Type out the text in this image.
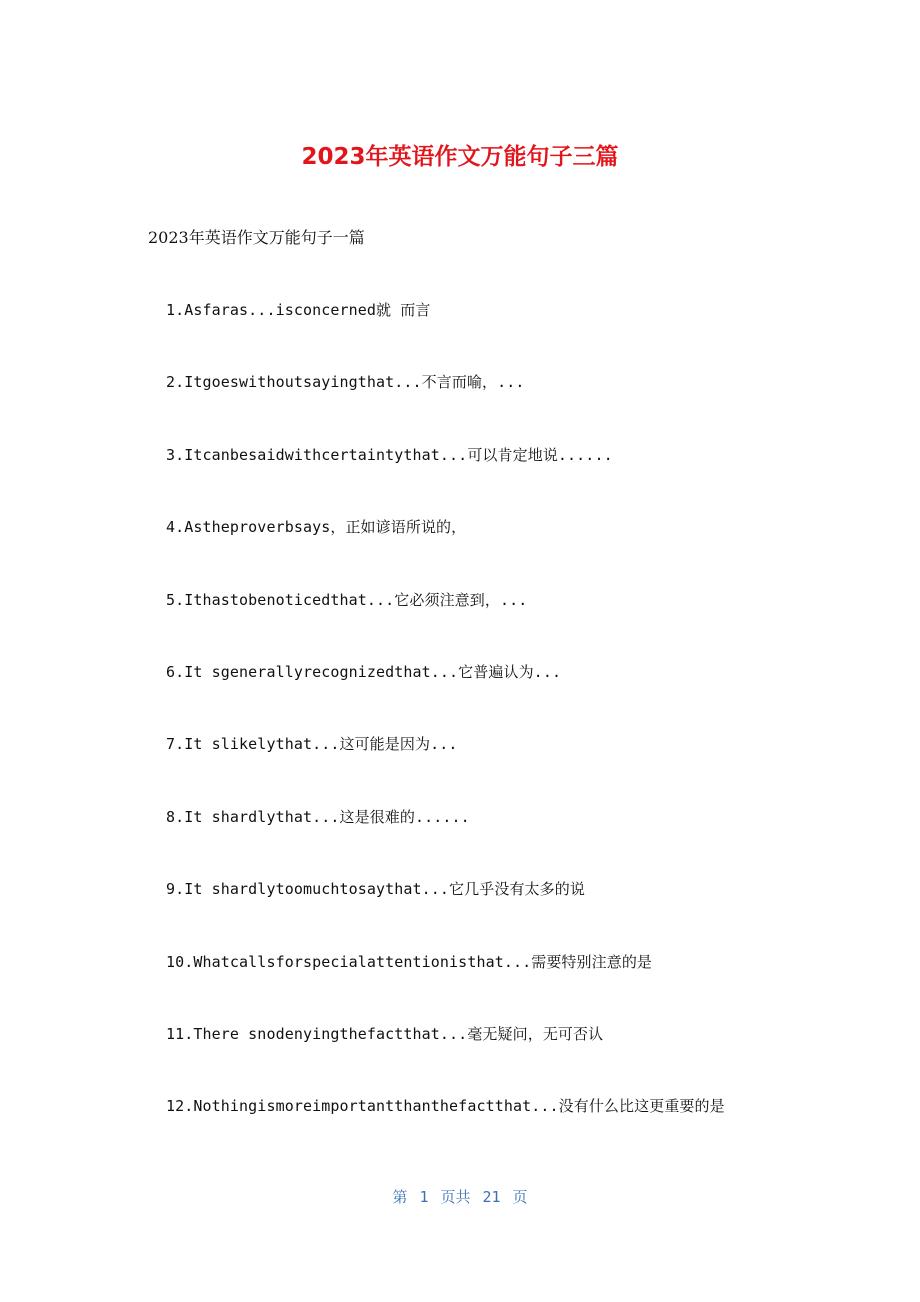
2023年英语作文万能句子三篇

2023年英语作文万能句子一篇

1.Asfaras...isconcerned就 而言
2.Itgoeswithoutsayingthat...不言而喻，...
3.Itcanbesaidwithcertaintythat...可以肯定地说......
4.Astheproverbsays，正如谚语所说的，
5.Ithastobenoticedthat...它必须注意到，...
6.It sgenerallyrecognizedthat...它普遍认为...
7.It slikelythat...这可能是因为...
8.It shardlythat...这是很难的......
9.It shardlytoomuchtosaythat...它几乎没有太多的说
10.Whatcallsforspecialattentionisthat...需要特别注意的是
11.There snodenyingthefactthat...毫无疑问，无可否认
12.Nothingismoreimportantthanthefactthat...没有什么比这更重要的是
第 1 页共 21 页
